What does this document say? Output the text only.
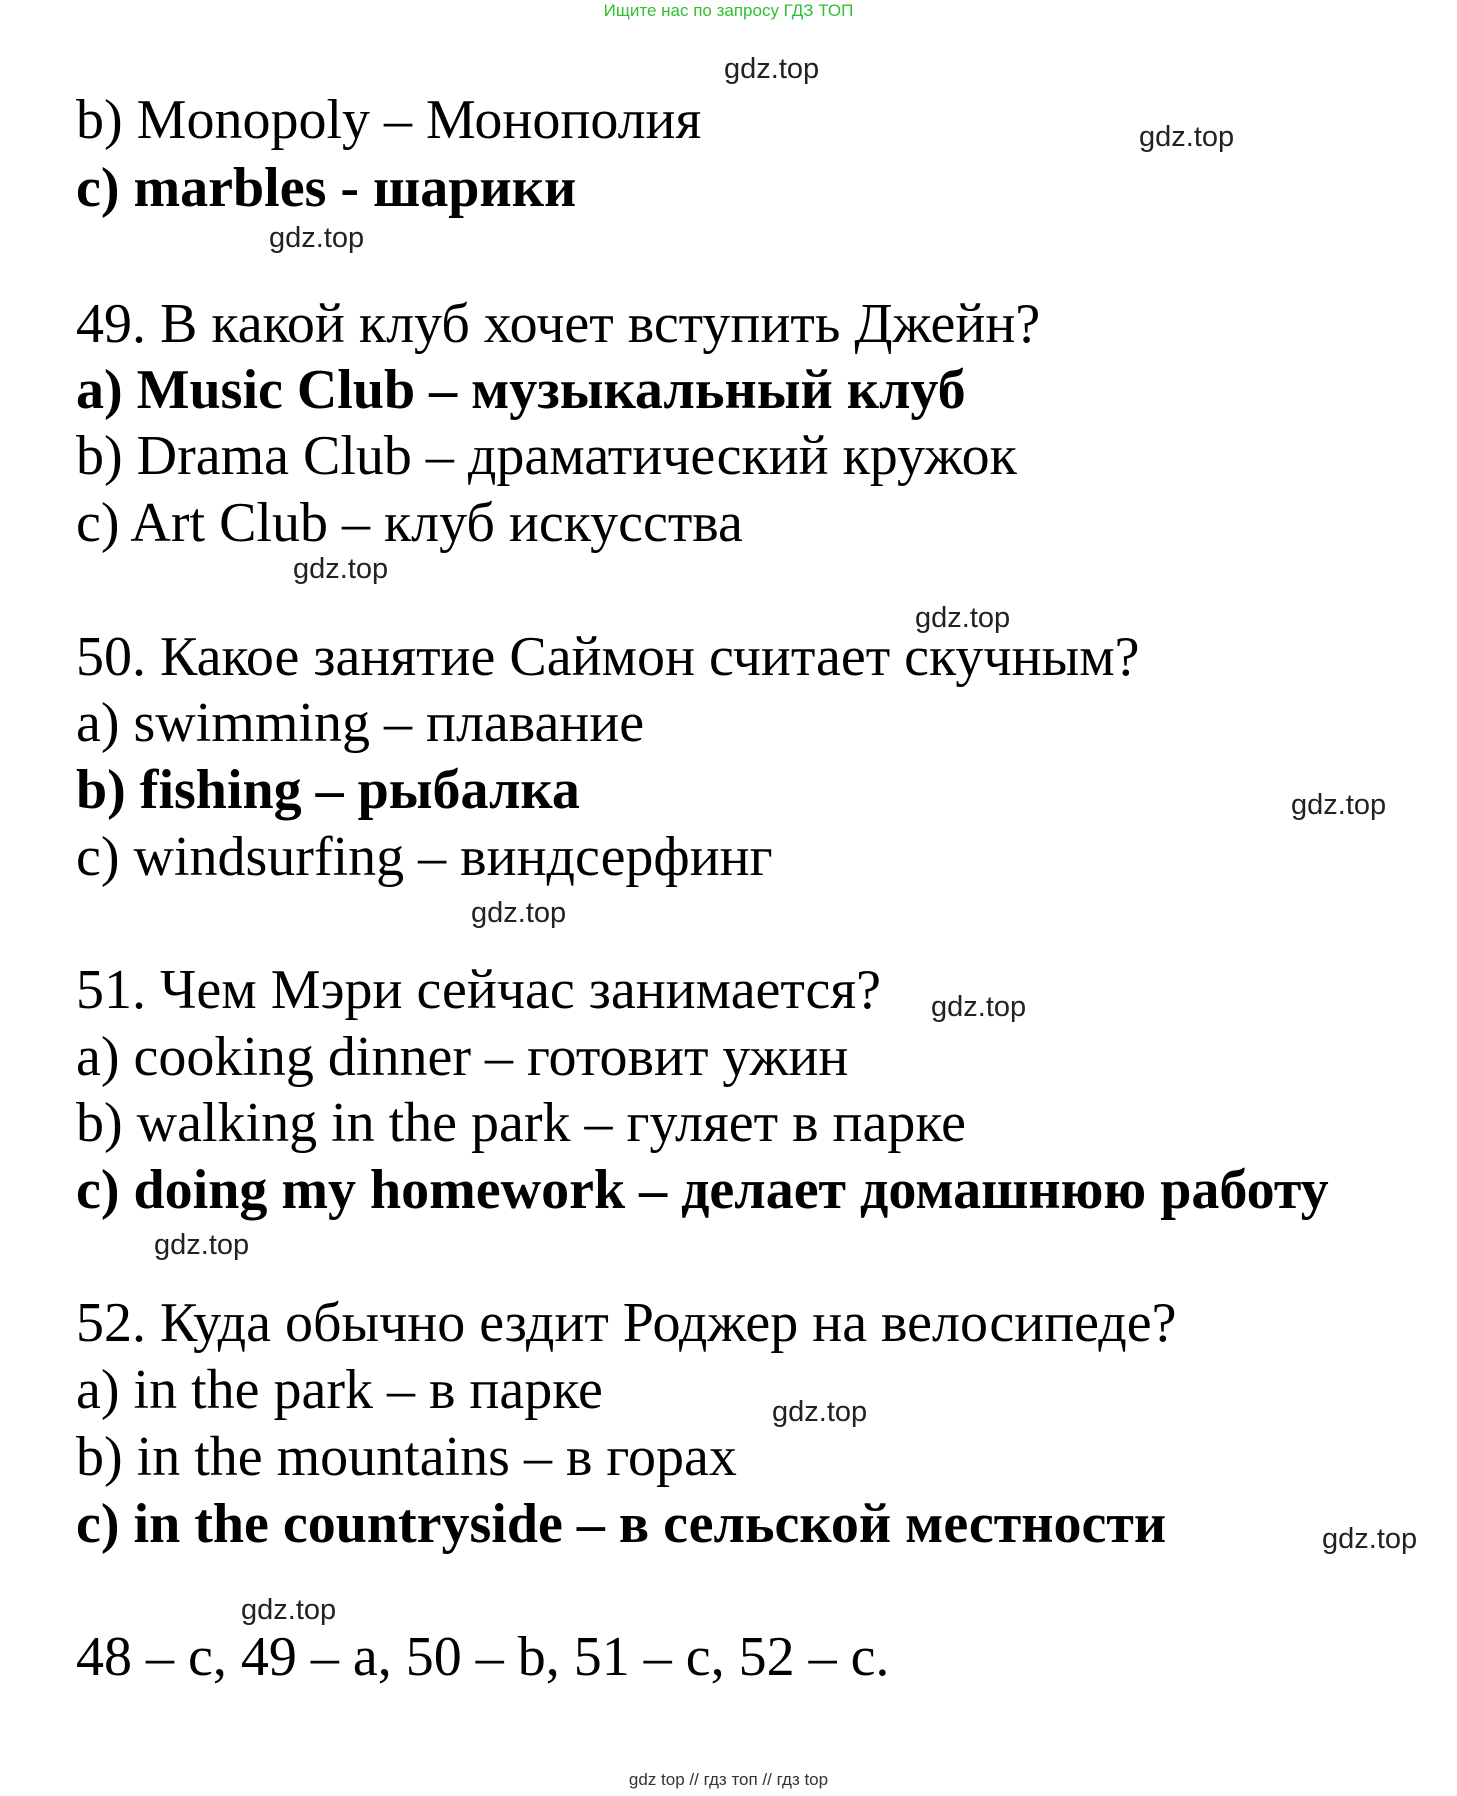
Ищите нас по запросу ГДЗ ТОП
gdz.top
gdz.top
gdz.top
gdz.top
gdz.top
gdz.top
gdz.top
gdz.top
gdz.top
gdz.top
gdz.top
gdz.top
b) Monopoly – Монополия
c) marbles - шарики
49. В какой клуб хочет вступить Джейн?
a) Music Club – музыкальный клуб
b) Drama Club – драматический кружок
c) Art Club – клуб искусства
50. Какое занятие Саймон считает скучным?
a) swimming – плавание
b) fishing – рыбалка
c) windsurfing – виндсерфинг
51. Чем Мэри сейчас занимается?
a) cooking dinner – готовит ужин
b) walking in the park – гуляет в парке
c) doing my homework – делает домашнюю работу
52. Куда обычно ездит Роджер на велосипеде?
a) in the park – в парке
b) in the mountains – в горах
c) in the countryside – в сельской местности
48 – c, 49 – a, 50 – b, 51 – c, 52 – c.
gdz top // гдз топ // гдз top
